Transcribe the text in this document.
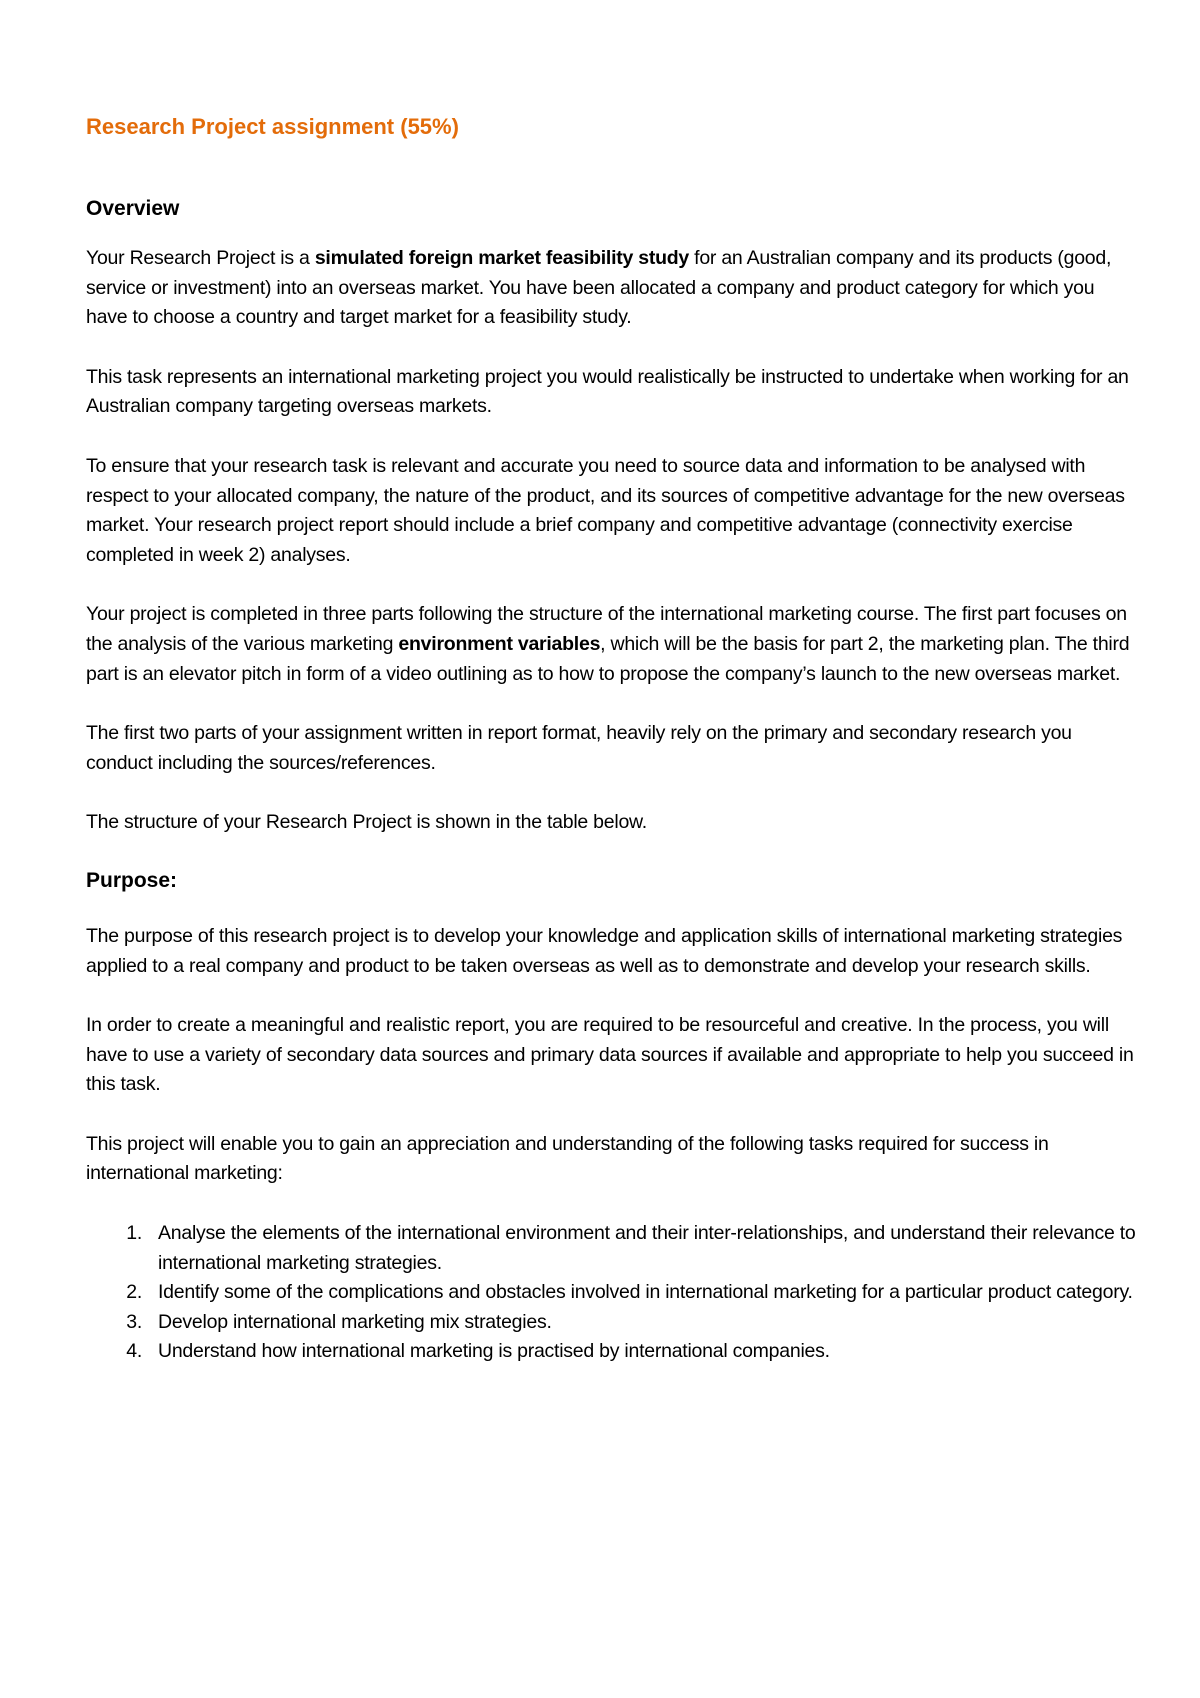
Research Project assignment (55%)
Overview

Your Research Project is a simulated foreign market feasibility study for an Australian company and its products (good, service or investment) into an overseas market. You have been allocated a company and product category for which you have to choose a country and target market for a feasibility study.

This task represents an international marketing project you would realistically be instructed to undertake when working for an Australian company targeting overseas markets.

To ensure that your research task is relevant and accurate you need to source data and information to be analysed with respect to your allocated company, the nature of the product, and its sources of competitive advantage for the new overseas market. Your research project report should include a brief company and competitive advantage (connectivity exercise completed in week 2) analyses.

Your project is completed in three parts following the structure of the international marketing course. The first part focuses on the analysis of the various marketing environment variables, which will be the basis for part 2, the marketing plan. The third part is an elevator pitch in form of a video outlining as to how to propose the company’s launch to the new overseas market.

The first two parts of your assignment written in report format, heavily rely on the primary and secondary research you conduct including the sources/references.

The structure of your Research Project is shown in the table below.

Purpose:

The purpose of this research project is to develop your knowledge and application skills of international marketing strategies applied to a real company and product to be taken overseas as well as to demonstrate and develop your research skills.

In order to create a meaningful and realistic report, you are required to be resourceful and creative. In the process, you will have to use a variety of secondary data sources and primary data sources if available and appropriate to help you succeed in this task.

This project will enable you to gain an appreciation and understanding of the following tasks required for success in international marketing:

1. Analyse the elements of the international environment and their inter-relationships, and understand their relevance to international marketing strategies.
2. Identify some of the complications and obstacles involved in international marketing for a particular product category.
3. Develop international marketing mix strategies.
4. Understand how international marketing is practised by international companies.
